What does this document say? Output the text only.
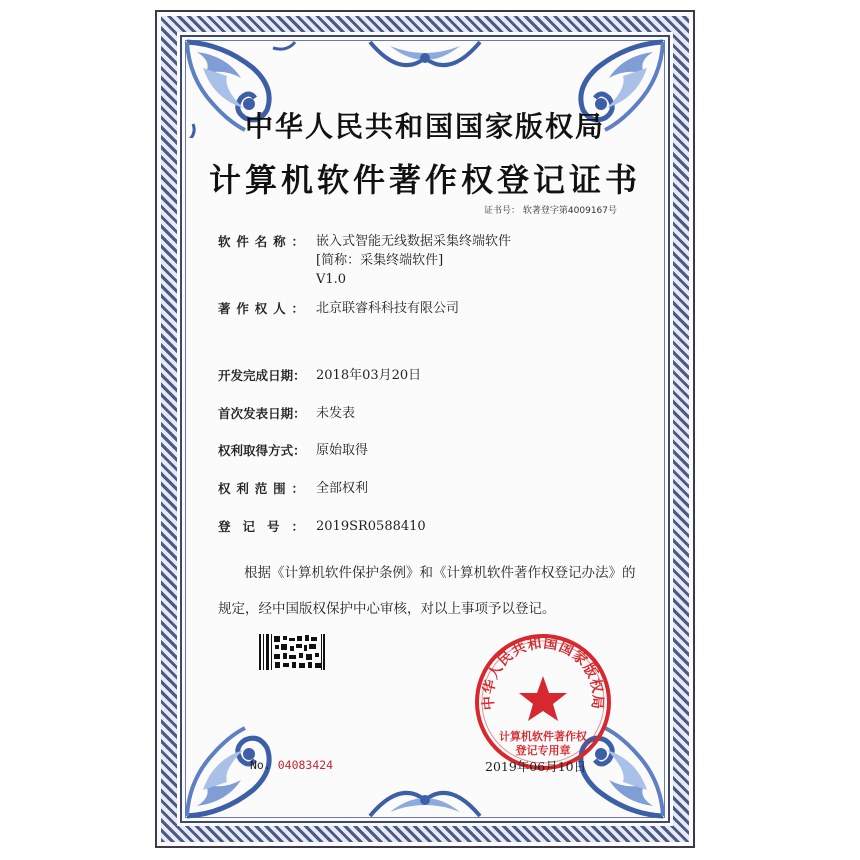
中华人民共和国国家版权局
计算机软件著作权登记证书
证书号： 软著登字第4009167号
软 件 名 称 ： 嵌入式智能无线数据采集终端软件
[简称：采集终端软件]
V1.0
著 作 权 人 ： 北京联睿科科技有限公司
开 发 完 成 日 期 ： 2018年03月20日
首 次 发 表 日 期 ： 未发表
权 利 取 得 方 式 ： 原始取得
权 利 范 围 ： 全部权利
登 记 号 ： 2019SR0588410
根据《计算机软件保护条例》和《计算机软件著作权登记办法》的
规定，经中国版权保护中心审核，对以上事项予以登记。
中华人民共和国国家版权局
计算机软件著作权
登记专用章
No. 04083424	2019年06月10日
